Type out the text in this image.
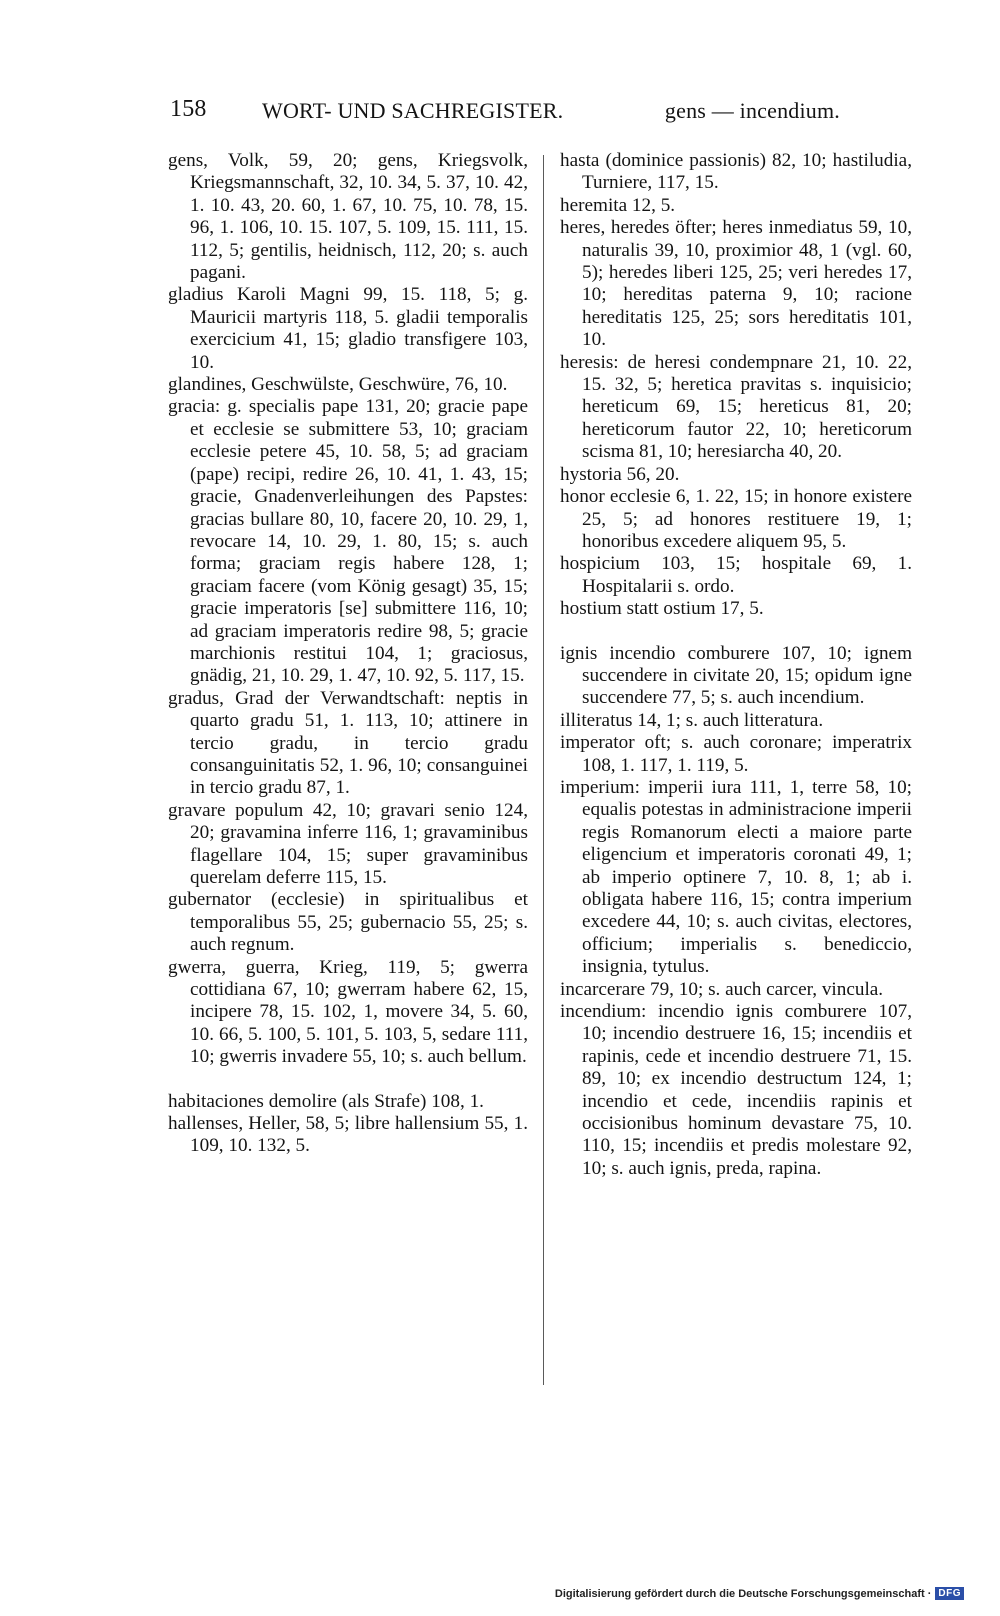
158	WORT- UND SACHREGISTER.	gens — incendium.

gens, Volk, 59, 20; gens, Kriegsvolk, Kriegsmannschaft, 32, 10. 34, 5. 37, 10. 42, 1. 10. 43, 20. 60, 1. 67, 10. 75, 10. 78, 15. 96, 1. 106, 10. 15. 107, 5. 109, 15. 111, 15. 112, 5; gentilis, heidnisch, 112, 20; s. auch pagani.

gladius Karoli Magni 99, 15. 118, 5; g. Mauricii martyris 118, 5. gladii temporalis exercicium 41, 15; gladio transfigere 103, 10.

glandines, Geschwülste, Geschwüre, 76, 10.

gracia: g. specialis pape 131, 20; gracie pape et ecclesie se submittere 53, 10; graciam ecclesie petere 45, 10. 58, 5; ad graciam (pape) recipi, redire 26, 10. 41, 1. 43, 15; gracie, Gnadenverleihungen des Papstes: gracias bullare 80, 10, facere 20, 10. 29, 1, revocare 14, 10. 29, 1. 80, 15; s. auch forma; graciam regis habere 128, 1; graciam facere (vom König gesagt) 35, 15; gracie imperatoris [se] submittere 116, 10; ad graciam imperatoris redire 98, 5; gracie marchionis restitui 104, 1; graciosus, gnädig, 21, 10. 29, 1. 47, 10. 92, 5. 117, 15.

gradus, Grad der Verwandtschaft: neptis in quarto gradu 51, 1. 113, 10; attinere in tercio gradu, in tercio gradu consanguinitatis 52, 1. 96, 10; consanguinei in tercio gradu 87, 1.

gravare populum 42, 10; gravari senio 124, 20; gravamina inferre 116, 1; gravaminibus flagellare 104, 15; super gravaminibus querelam deferre 115, 15.

gubernator (ecclesie) in spiritualibus et temporalibus 55, 25; gubernacio 55, 25; s. auch regnum.

gwerra, guerra, Krieg, 119, 5; gwerra cottidiana 67, 10; gwerram habere 62, 15, incipere 78, 15. 102, 1, movere 34, 5. 60, 10. 66, 5. 100, 5. 101, 5. 103, 5, sedare 111, 10; gwerris invadere 55, 10; s. auch bellum.

habitaciones demolire (als Strafe) 108, 1.

hallenses, Heller, 58, 5; libre hallensium 55, 1. 109, 10. 132, 5.

hasta (dominice passionis) 82, 10; hastiludia, Turniere, 117, 15.

heremita 12, 5.

heres, heredes öfter; heres inmediatus 59, 10, naturalis 39, 10, proximior 48, 1 (vgl. 60, 5); heredes liberi 125, 25; veri heredes 17, 10; hereditas paterna 9, 10; racione hereditatis 125, 25; sors hereditatis 101, 10.

heresis: de heresi condempnare 21, 10. 22, 15. 32, 5; heretica pravitas s. inquisicio; hereticum 69, 15; hereticus 81, 20; hereticorum fautor 22, 10; hereticorum scisma 81, 10; heresiarcha 40, 20.

hystoria 56, 20.

honor ecclesie 6, 1. 22, 15; in honore existere 25, 5; ad honores restituere 19, 1; honoribus excedere aliquem 95, 5.

hospicium 103, 15; hospitale 69, 1. Hospitalarii s. ordo.

hostium statt ostium 17, 5.

ignis incendio comburere 107, 10; ignem succendere in civitate 20, 15; opidum igne succendere 77, 5; s. auch incendium.

illiteratus 14, 1; s. auch litteratura.

imperator oft; s. auch coronare; imperatrix 108, 1. 117, 1. 119, 5.

imperium: imperii iura 111, 1, terre 58, 10; equalis potestas in administracione imperii regis Romanorum electi a maiore parte eligencium et imperatoris coronati 49, 1; ab imperio optinere 7, 10. 8, 1; ab i. obligata habere 116, 15; contra imperium excedere 44, 10; s. auch civitas, electores, officium; imperialis s. benediccio, insignia, tytulus.

incarcerare 79, 10; s. auch carcer, vincula.

incendium: incendio ignis comburere 107, 10; incendio destruere 16, 15; incendiis et rapinis, cede et incendio destruere 71, 15. 89, 10; ex incendio destructum 124, 1; incendio et cede, incendiis rapinis et occisionibus hominum devastare 75, 10. 110, 15; incendiis et predis molestare 92, 10; s. auch ignis, preda, rapina.

Digitalisierung gefördert durch die Deutsche Forschungsgemeinschaft · DFG
